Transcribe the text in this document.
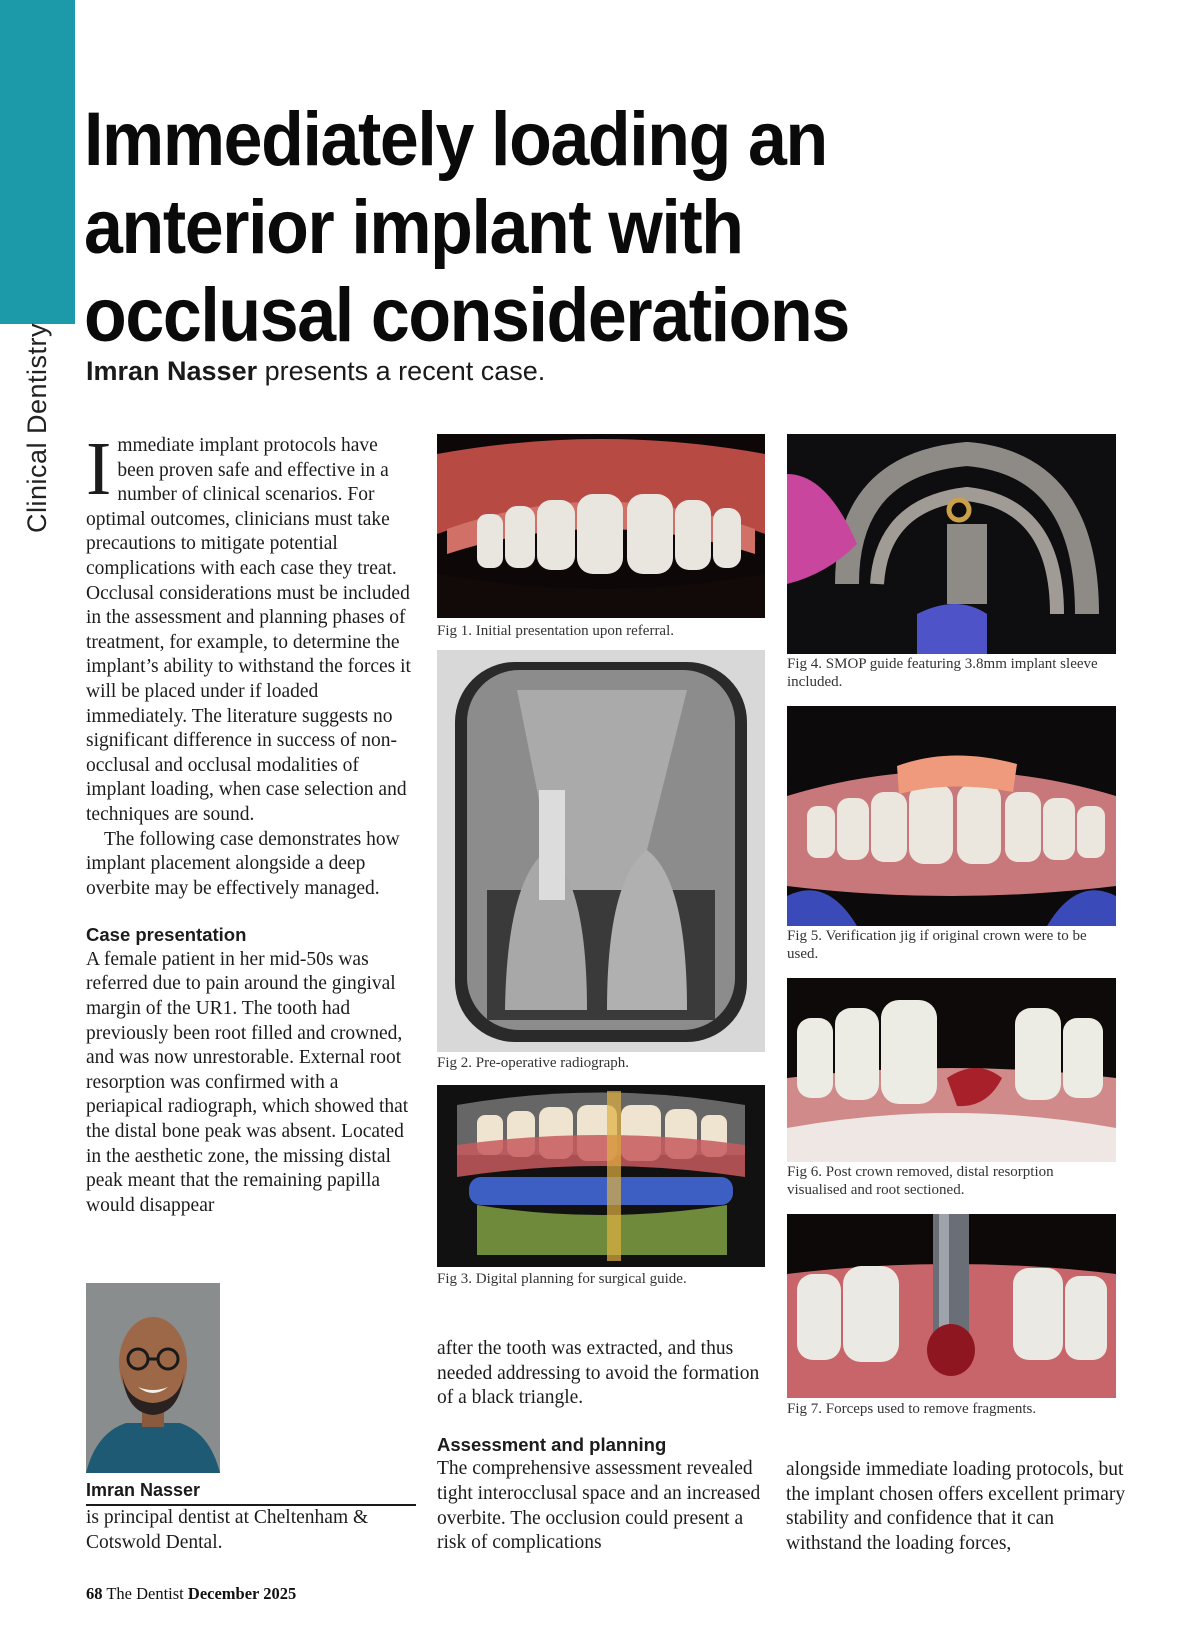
Clinical Dentistry
Immediately loading an
anterior implant with
occlusal considerations
Imran Nasser presents a recent case.
I mmediate implant protocols have been proven safe and effective in a number of clinical scenarios. For optimal outcomes, clinicians must take precautions to mitigate potential complications with each case they treat. Occlusal considerations must be included in the assessment and planning phases of treatment, for example, to determine the implant’s ability to withstand the forces it will be placed under if loaded immediately. The literature suggests no significant difference in success of non-occlusal and occlusal modalities of implant loading, when case selection and techniques are sound.

The following case demonstrates how implant placement alongside a deep overbite may be effectively managed.

Case presentation

A female patient in her mid-50s was referred due to pain around the gingival margin of the UR1. The tooth had previously been root filled and crowned, and was now unrestorable. External root resorption was confirmed with a periapical radiograph, which showed that the distal bone peak was absent. Located in the aesthetic zone, the missing distal peak meant that the remaining papilla would disappear

Fig 1. Initial presentation upon referral.
Fig 2. Pre-operative radiograph.
Fig 3. Digital planning for surgical guide.

after the tooth was extracted, and thus needed addressing to avoid the formation of a black triangle.

Assessment and planning

The comprehensive assessment revealed tight interocclusal space and an increased overbite. The occlusion could present a risk of complications

Fig 4. SMOP guide featuring 3.8mm implant sleeve included.
Fig 5. Verification jig if original crown were to be used.
Fig 6. Post crown removed, distal resorption visualised and root sectioned.
Fig 7. Forceps used to remove fragments.

alongside immediate loading protocols, but the implant chosen offers excellent primary stability and confidence that it can withstand the loading forces,

Imran Nasser
is principal dentist at Cheltenham & Cotswold Dental.
68 The Dentist December 2025
